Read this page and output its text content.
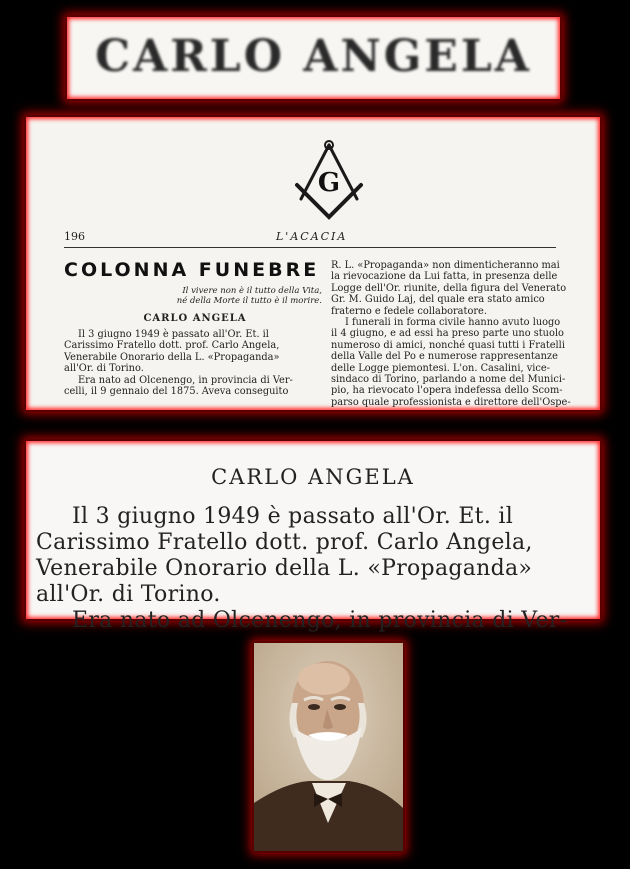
CARLO ANGELA
G
196	L'ACACIA
COLONNA FUNEBRE
Il vivere non è il tutto della Vita,
né della Morte il tutto è il morire.
CARLO ANGELA
Il 3 giugno 1949 è passato all'Or. Et. il
Carissimo Fratello dott. prof. Carlo Angela,
Venerabile Onorario della L. «Propaganda»
all'Or. di Torino.
Era nato ad Olcenengo, in provincia di Ver-
celli, il 9 gennaio del 1875. Aveva conseguito
R. L. «Propaganda» non dimenticheranno mai
la rievocazione da Lui fatta, in presenza delle
Logge dell'Or. riunite, della figura del Venerato
Gr. M. Guido Laj, del quale era stato amico
fraterno e fedele collaboratore.
I funerali in forma civile hanno avuto luogo
il 4 giugno, e ad essi ha preso parte uno stuolo
numeroso di amici, nonché quasi tutti i Fratelli
della Valle del Po e numerose rappresentanze
delle Logge piemontesi. L'on. Casalini, vice-
sindaco di Torino, parlando a nome del Munici-
pio, ha rievocato l'opera indefessa dello Scom-
parso quale professionista e direttore dell'Ospe-
CARLO ANGELA
Il 3 giugno 1949 è passato all'Or. Et. il
Carissimo Fratello dott. prof. Carlo Angela,
Venerabile Onorario della L. «Propaganda»
all'Or. di Torino.
Era nato ad Olcenengo, in provincia di Ver-
